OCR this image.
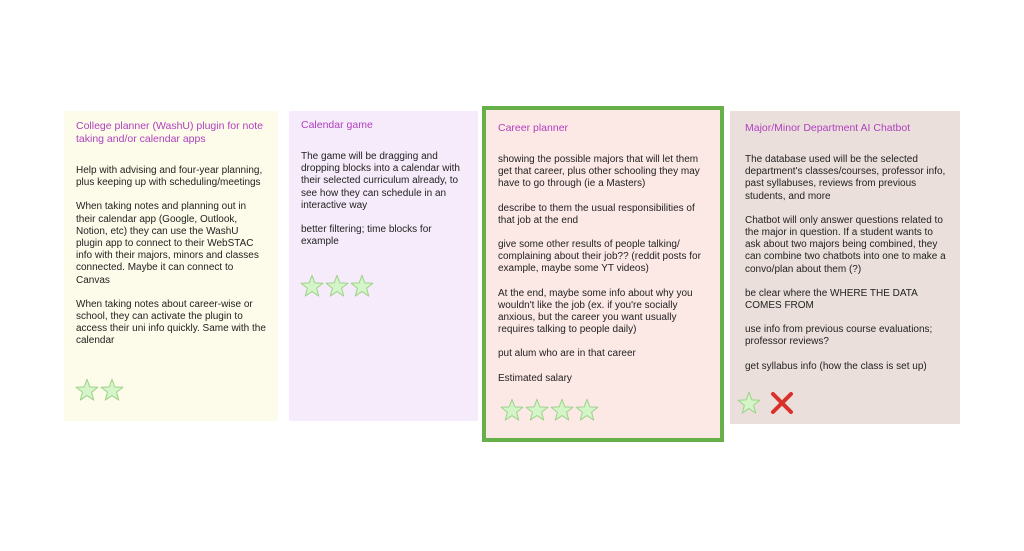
College planner (WashU) plugin for note taking and/or calendar apps
Help with advising and four-year planning, plus keeping up with scheduling/meetings
When taking notes and planning out in their calendar app (Google, Outlook, Notion, etc) they can use the WashU plugin app to connect to their WebSTAC info with their majors, minors and classes connected. Maybe it can connect to Canvas
When taking notes about career-wise or school, they can activate the plugin to access their uni info quickly. Same with the calendar
Calendar game
The game will be dragging and dropping blocks into a calendar with their selected curriculum already, to see how they can schedule in an interactive way
better filtering; time blocks for example
Career planner
showing the possible majors that will let them get that career, plus other schooling they may have to go through (ie a Masters)
describe to them the usual responsibilities of that job at the end
give some other results of people talking/ complaining about their job?? (reddit posts for example, maybe some YT videos)
At the end, maybe some info about why you wouldn't like the job (ex. if you're socially anxious, but the career you want usually requires talking to people daily)
put alum who are in that career
Estimated salary
Major/Minor Department AI Chatbot
The database used will be the selected department's classes/courses, professor info, past syllabuses, reviews from previous students, and more
Chatbot will only answer questions related to the major in question. If a student wants to ask about two majors being combined, they can combine two chatbots into one to make a convo/plan about them (?)
be clear where the WHERE THE DATA COMES FROM
use info from previous course evaluations; professor reviews?
get syllabus info (how the class is set up)
